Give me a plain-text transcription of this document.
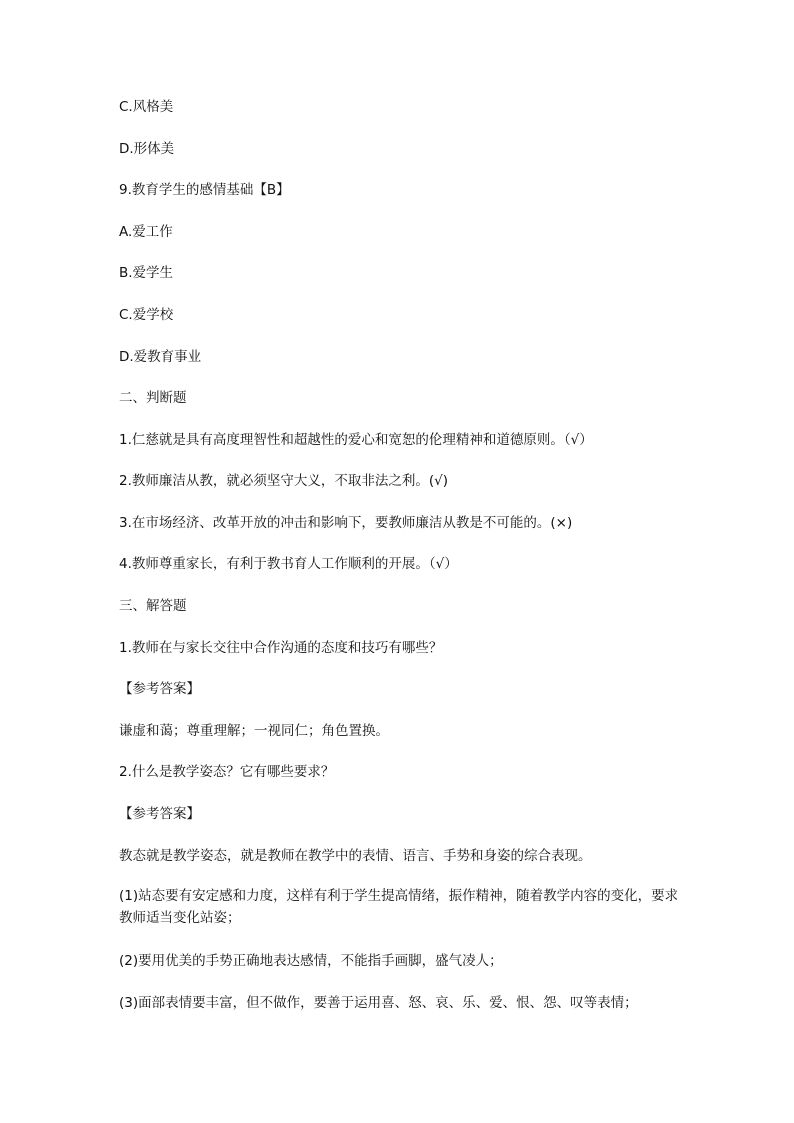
C.风格美
D.形体美
9.教育学生的感情基础【B】
A.爱工作
B.爱学生
C.爱学校
D.爱教育事业
二、判断题
1.仁慈就是具有高度理智性和超越性的爱心和宽恕的伦理精神和道德原则。（√）
2.教师廉洁从教，就必须坚守大义，不取非法之利。(√)
3.在市场经济、改革开放的冲击和影响下，要教师廉洁从教是不可能的。(×)
4.教师尊重家长，有利于教书育人工作顺利的开展。（√）
三、解答题
1.教师在与家长交往中合作沟通的态度和技巧有哪些？
【参考答案】
谦虚和蔼；尊重理解；一视同仁；角色置换。
2.什么是教学姿态？它有哪些要求？
【参考答案】
教态就是教学姿态，就是教师在教学中的表情、语言、手势和身姿的综合表现。
(1)站态要有安定感和力度，这样有利于学生提高情绪，振作精神，随着教学内容的变化，要求教师适当变化站姿；
(2)要用优美的手势正确地表达感情，不能指手画脚，盛气凌人；
(3)面部表情要丰富，但不做作，要善于运用喜、怒、哀、乐、爱、恨、怨、叹等表情；
